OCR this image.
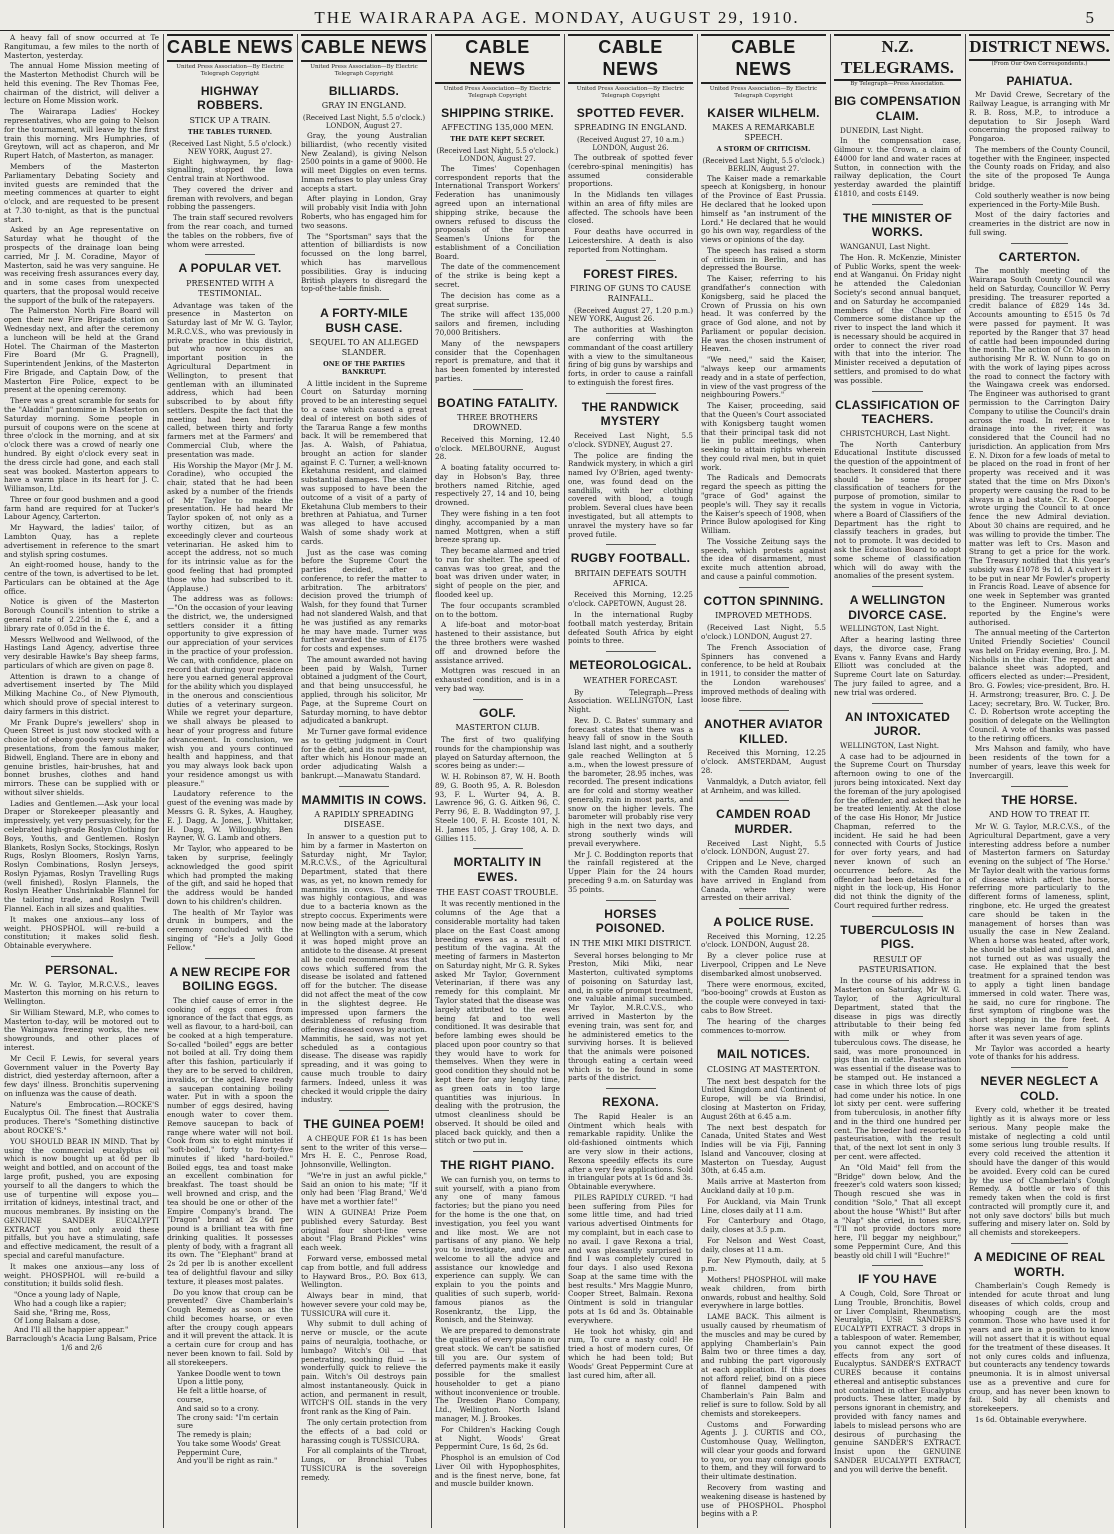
THE WAIRARAPA AGE. MONDAY, AUGUST 29, 1910.	5

A heavy fall of snow occurred at Te Rangitumau, a few miles to the north of Masterton, yesterday.

The annual Home Mission meeting of the Masterton Methodist Church will be held this evening. The Rev Thomas Fee, chairman of the district, will deliver a lecture on Home Mission work.

The Wairarapa Ladies' Hockey representatives, who are going to Nelson for the tournament, will leave by the first train this morning. Mrs Humphries, of Greytown, will act as chaperon, and Mr Rupert Hatch, of Masterton, as manager.

Members of the Masterton Parliamentary Debating Society and invited guests are reminded that the meeting commences at quarter to eight o'clock, and are requested to be present at 7.30 to-night, as that is the punctual start.

Asked by an Age representative on Saturday what he thought of the prospects of the drainage loan being carried, Mr J. M. Coradine, Mayor of Masterton, said he was very sanguine. He was receiving fresh assurances every day, and in some cases from unexpected quarters, that the proposal would receive the support of the bulk of the ratepayers.

The Palmerston North Fire Board will open their new Fire Brigade station on Wednesday next, and after the ceremony a luncheon will be held at the Grand Hotel. The Chairman of the Masterton Fire Board (Mr G. Pragnell), Superintendent Jenkins, of the Masterton Fire Brigade, and Captain Dow, of the Masterton Fire Police, expect to be present at the opening ceremony.

There was a great scramble for seats for the "Aladdin" pantomime in Masterton on Saturday morning. Some people in pursuit of coupons were on the scene at three o'clock in the morning, and at six o'clock there was a crowd of nearly one hundred. By eight o'clock every seat in the dress circle had gone, and each stall seat was booked. Masterton appears to have a warm place in its heart for J. C. Williamson, Ltd.

Three or four good bushmen and a good farm hand are required for at Tucker's Labour Agency, Carterton.

Mr Hayward, the ladies' tailor, of Lambton Quay, has a replete advertisement in reference to the smart and stylish spring costumes.

An eight-roomed house, handy to the centre of the town, is advertised to be let. Particulars can be obtained at the Age office.

Notice is given of the Masterton Borough Council's intention to strike a general rate of 2.25d in the £, and a library rate of 0.05d in the £.

Messrs Wellwood and Wellwood, of the Hastings Land Agency, advertise three very desirable Hawke's Bay sheep farms, particulars of which are given on page 8.

Attention is drawn to a change of advertisement inserted by The Mild Milking Machine Co., of New Plymouth, which should prove of special interest to dairy farmers in this district.

Mr Frank Dupre's jewellers' shop in Queen Street is just now stocked with a choice lot of ebony goods very suitable for presentations, from the famous maker, Bidwell, England. There are in ebony and genuine bristles, hair-brushes, hat and bonnet brushes, clothes and hand mirrors. These can be supplied with or without silver shields.

Ladies and Gentlemen.—Ask your local Draper or Storekeeper pleasantly and impressively, yet very persuasively, for the celebrated high-grade Roslyn Clothing for Boys, Youths, and Gentlemen. Roslyn Blankets, Roslyn Socks, Stockings, Roslyn Rugs, Roslyn Bloomers, Roslyn Yarns, Roslyn Combinations, Roslyn Jerseys, Roslyn Pyjamas, Roslyn Travelling Rugs (well finished), Roslyn Flannels, the Roslyn Heather Unshrinkable Flannel for the tailoring trade, and Roslyn Twill Flannel. Each in all sizes and qualities.

It makes one anxious—any loss of weight. PHOSPHOL will re-build a constitution; it makes solid flesh. Obtainable everywhere.

PERSONAL.

Mr. W. G. Taylor, M.R.C.V.S., leaves Masterton this morning on his return to Wellington.

Sir William Steward, M.P., who comes to Masterton to-day, will be motored out to the Waingawa freezing works, the new showgrounds, and other places of interest.

Mr Cecil F. Lewis, for several years Government valuer in the Poverty Bay district, died yesterday afternoon, after a few days' illness. Bronchitis supervening on influenza was the cause of death.

Nature's Embrocation.—ROCKE'S Eucalyptus Oil. The finest that Australia produces. There's "Something distinctive about ROCKE'S."

YOU SHOULD BEAR IN MIND. That by using the commercial eucalyptus oil which is now bought up at 6d per lb weight and bottled, and on account of the large profit, pushed, you are exposing yourself to all the dangers to which the use of turpentine will expose you—irritation of kidneys, intestinal tract, and mucous membranes. By insisting on the GENUINE SANDER EUCALYPTI EXTRACT you not only avoid these pitfalls, but you have a stimulating, safe and effective medicament, the result of a special and careful manufacture.

It makes one anxious—any loss of weight. PHOSPHOL will re-build a constitution; it builds solid flesh.

"Once a young lady of Naple,

Who had a cough like a rapier;

Said she, "Bring me, Ross,

Of Long Balsam a dose,

And I'll all the happier appear."

Barraclough's Acacia Lung Balsam, Price 1/6 and 2/6

CABLE NEWS
United Press Association—By Electric Telegraph Copyright
HIGHWAY ROBBERS.
STICK UP A TRAIN.
THE TABLES TURNED.
(Received Last Night, 5.5 o'clock.) NEW YORK, August 27.

Eight highwaymen, by flag-signalling, stopped the Iowa Central train at Northwood.

They covered the driver and fireman with revolvers, and began robbing the passengers.

The train staff secured revolvers from the rear coach, and turned the tables on the robbers, five of whom were arrested.

A POPULAR VET.
PRESENTED WITH A TESTIMONIAL.

Advantage was taken of the presence in Masterton on Saturday last of Mr W. G. Taylor, M.R.C.V.S., who was previously in private practice in this district, but who now occupies an important position in the Agricultural Department in Wellington, to present that gentleman with an illuminated address, which had been subscribed to by about fifty settlers. Despite the fact that the meeting had been hurriedly called, between thirty and forty farmers met at the Farmers' and Commercial Club, where the presentation was made.

His Worship the Mayor (Mr J. M. Coradine), who occupied the chair, stated that he had been asked by a number of the friends of Mr Taylor to make the presentation. He had heard Mr Taylor spoken of, not only as a worthy citizen, but as an exceedingly clever and courteous veterinarian. He asked him to accept the address, not so much for its intrinsic value as for the good feeling that had prompted those who had subscribed to it. (Applause.)

The address was as follows:—"On the occasion of your leaving the district, we, the undersigned settlers consider it a fitting opportunity to give expression of our appreciation of your services in the practice of your profession. We can, with confidence, place on record that during your residence here you earned general approval for the ability which you displayed in the onerous and conscientious duties of a veterinary surgeon. While we regret your departure, we shall always be pleased to hear of your progress and future advancement. In conclusion, we wish you and yours continued health and happiness, and that you may always look back upon your residence amongst us with pleasure."

Laudatory reference to the guest of the evening was made by Messrs G. R. Sykes, A. Haughey, E. J. Dagg, A. Jones, J. Whittaker, H. Dagg, W. Willoughby, Ben Rayner, W. G. Lamb and others.

Mr Taylor, who appeared to be taken by surprise, feelingly acknowledged the good spirit which had prompted the making of the gift, and said he hoped that the address would be handed down to his children's children.

The health of Mr Taylor was drunk in bumpers, and the ceremony concluded with the singing of "He's a Jolly Good Fellow."

A NEW RECIPE FOR BOILING EGGS.

The chief cause of error in the cooking of eggs comes from ignorance of the fact that eggs, as well as flavour, to a hard-boil, can be cooked at a high temperature. So-called "boiled" eggs are better not boiled at all. Try doing them after this fashion, particularly if they are to be served to children, invalids, or the aged. Have ready a saucepan containing boiling water. Put in with a spoon the number of eggs desired, having enough water to cover them. Remove saucepan to back of range where water will not boil. Cook from six to eight minutes if "soft-boiled," forty to forty-five minutes if liked "hard-boiled." Boiled eggs, tea and toast make an excellent combination for breakfast. The toast should be well browned and crisp, and the tea should be one or other of the Empire Company's brand. The "Dragon" brand at 2s 6d per pound is a brilliant tea with fine drinking qualities. It possesses plenty of body, with a fragrant all its own. The "Elephant" brand at 2s 2d per lb is another excellent tea of delightful flavour and silky texture, it pleases most palates.

Do you know that croup can be prevented? Give Chamberlain's Cough Remedy as soon as the child becomes hoarse, or even after the croupy cough appears and it will prevent the attack. It is a certain cure for croup and has never been known to fail. Sold by all storekeepers.

Yankee Doodle went to town

Upon a little pony,

He felt a little hoarse, of course,

And said so to a crony.

The crony said: "I'm certain sure

The remedy is plain;

You take some Woods' Great Peppermint Cure,

And you'll be right as rain."

CABLE NEWS
United Press Association—By Electric Telegraph Copyright
BILLIARDS.
GRAY IN ENGLAND.
(Received Last Night, 5.5 o'clock.) LONDON, August 27.

Gray, the young Australian billiardist, (who recently visited New Zealand), is giving Nelson 2500 points in a game of 9000. He will meet Diggles on even terms. Inman refuses to play unless Gray accepts a start.

After playing in London, Gray will probably visit India with John Roberts, who has engaged him for two seasons.

The "Sportsman" says that the attention of billiardists is now focussed on the long barrel, which has marvellous possibilities. Gray is inducing British players to disregard the top-of-the-table finish.

A FORTY-MILE BUSH CASE.
SEQUEL TO AN ALLEGED SLANDER.
ONE OF THE PARTIES BANKRUPT.

A little incident in the Supreme Court on Saturday morning proved to be an interesting sequel to a case which caused a great deal of interest on both sides of the Tararua Range a few months back. It will be remembered that Jas. A. Walsh, of Pahiatua, brought an action for slander against F. C. Turner, a well-known Eketahuna resident, and claimed substantial damages. The slander was supposed to have been the outcome of a visit of a party of Eketahuna Club members to their brethren at Pahiatua, and Turner was alleged to have accused Walsh of some shady work at cards.

Just as the case was coming before the Supreme Court the parties decided, after a conference, to refer the matter to arbitration. The arbitrators' decision proved the triumph of Walsh, for they found that Turner had not slandered Walsh, and that he was justified as any remarks he may have made. Turner was further awarded the sum of £175 for costs and expenses.

The amount awarded not having been paid by Walsh, Turner obtained a judgment of the Court, and that being unsuccessful, he applied, through his solicitor, Mr Page, at the Supreme Court on Saturday morning, to have debtor adjudicated a bankrupt.

Mr Turner gave formal evidence as to getting judgment in Court for the debt, and its non-payment, after which his Honour made an order adjudicating Walsh a bankrupt.—Manawatu Standard.

MAMMITIS IN COWS.
A RAPIDLY SPREADING DISEASE.

In answer to a question put to him by a farmer in Masterton on Saturday night, Mr Taylor, M.R.C.V.S., of the Agricultural Department, stated that there was, as yet, no known remedy for mammitis in cows. The disease was highly contagious, and was due to a bacteria known as the strepto coccus. Experiments were now being made at the laboratory at Wellington with a serum, which it was hoped might prove an antidote to the disease. At present all he could recommend was that cows which suffered from the disease be isolated and fattened off for the butcher. The disease did not affect the meat of the cow in the slightest degree. He impressed upon farmers the desirableness of refusing from offering diseased cows by auction. Mammitis, he said, was not yet scheduled as a contagious disease. The disease was rapidly spreading, and it was going to cause much trouble to dairy farmers. Indeed, unless it was checked it would cripple the dairy industry.

THE GUINEA POEM!

A CHEQUE FOR £1 1s has been sent to the writer of this verse—Mrs H. E. C., Penrose Road, Johnsonville, Wellington.

"We're in just an awful pickle," Said an onion to his mate; "If it only had been 'Flag Brand,' We'd have met a worthier fate!"

WIN A GUINEA! Prize Poem published every Saturday. Best original four short-line verse about "Flag Brand Pickles" wins each week.

Forward verse, embossed metal cap from bottle, and full address to Hayward Bros., P.O. Box 613, Wellington.

Always bear in mind, that however severe your cold may be, TUSSICURA will cure it.

Why submit to dull aching of nerve or muscle, or the acute pains of neuralgia, toothache, or lumbago? Witch's Oil — that penetrating, soothing fluid — is wonderfully quick to relieve the pain. Witch's Oil destroys pain almost instantaneously. Quick in action, and permanent in result, WITCH'S OIL stands in the very front rank as the King of Pain.

The only certain protection from the effects of a bad cold or harassing cough is TUSSICURA.

For all complaints of the Throat, Lungs, or Bronchial Tubes TUSSICURA is the sovereign remedy.

CABLE NEWS
United Press Association—By Electric Telegraph Copyright
SHIPPING STRIKE.
AFFECTING 135,000 MEN.
THE DATE KEPT SECRET.
(Received Last Night, 5.5 o'clock.) LONDON, August 27.

The Times' Copenhagen correspondent reports that the International Transport Workers' Federation has unanimously agreed upon an international shipping strike, because the owners refused to discuss the proposals of the European Seamen's Unions for the establishment of a Conciliation Board.

The date of the commencement of the strike is being kept a secret.

The decision has come as a great surprise.

The strike will affect 135,000 sailors and firemen, including 70,000 Britishers.

Many of the newspapers consider that the Copenhagen report is premature, and that it has been fomented by interested parties.

BOATING FATALITY.
THREE BROTHERS DROWNED.

Received this Morning, 12.40 o'clock. MELBOURNE, August 28.

A boating fatality occurred to-day in Hobson's Bay, three brothers named Ritchie, aged respectively 27, 14 and 10, being drowned.

They were fishing in a ten foot dinghy, accompanied by a man named Mottgren, when a stiff breeze sprang up.

They became alarmed and tried to run for shelter. The speed of canvas was too great, and the boat was driven under water, in sight of people on the pier, and flooded keel up.

The four occupants scrambled on to the bottom.

A life-boat and motor-boat hastened to their assistance, but the three brothers were washed off and drowned before the assistance arrived.

Mottgren was rescued in an exhausted condition, and is in a very bad way.

GOLF.
MASTERTON CLUB.

The first of two qualifying rounds for the championship was played on Saturday afternoon, the scores being as under:—

W. H. Robinson 87, W. H. Booth 89, G. Booth 95, A. R. Bolesdon 93, F. L. Wurter 94, A. B. Lawrence 96, G. G. Aitken 96, C. Perry 96, E. B. Waddington 97, J. Steele 100, F. H. Ecoste 101, N. H. James 105, J. Gray 108, A. D. Gillies 115.

MORTALITY IN EWES.
THE EAST COAST TROUBLE.

It was recently mentioned in the columns of the Age that a considerable mortality had taken place on the East Coast among breeding ewes as a result of pestitum of the vagina. At the meeting of farmers in Masterton on Saturday night, Mr G. R. Sykes asked Mr Taylor, Government Veterinarian, if there was any remedy for this complaint. Mr Taylor stated that the disease was largely attributed to the ewes being fat and too well conditioned. It was desirable that before lambing ewes should be placed upon poor country so that they would have to work for themselves. When they were in good condition they should not be kept there for any lengthy time, as green oats in too large quantities was injurious. In dealing with the protrusion, the utmost cleanliness should be observed. It should be oiled and placed back quickly, and then a stitch or two put in.

THE RIGHT PIANO.

We can furnish you, on terms to suit yourself, with a piano from any one of many famous factories; but the piano you need for the home is the one that, on investigation, you feel you want and like most. We are not partisans of any piano. We help you to investigate, and you are welcome to all the advice and assistance our knowledge and experience can supply. We can explain to you the points and qualities of such superb, world-famous pianos as the Rosenkrantz, the Lipp, the Ronisch, and the Steinway.

We are prepared to demonstrate the qualities of every piano in our great stock. We can't be satisfied till you are. Our system of deferred payments make it easily possible for the smallest householder to get a piano without inconvenience or trouble. The Dresden Piano Company, Ltd., Wellington. North Island manager, M. J. Brookes.

For Children's Hacking Cough at Night, Woods' Great Peppermint Cure, 1s 6d, 2s 6d.

Phosphol is an emulsion of Cod Liver Oil with Hypophosphites, and is the finest nerve, bone, fat and muscle builder known.

CABLE NEWS
United Press Association—By Electric Telegraph Copyright
SPOTTED FEVER.
SPREADING IN ENGLAND.
(Received August 27, 10 a.m.) LONDON, August 26.

The outbreak of spotted fever (cerebro-spinal meningitis) has assumed considerable proportions.

In the Midlands ten villages within an area of fifty miles are affected. The schools have been closed.

Four deaths have occurred in Leicestershire. A death is also reported from Nottingham.

FOREST FIRES.
FIRING OF GUNS TO CAUSE RAINFALL.

(Received August 27, 1.20 p.m.) NEW YORK, August 26.

The authorities at Washington are conferring with the commandant of the coast artillery with a view to the simultaneous firing of big guns by warships and forts, in order to cause a rainfall to extinguish the forest fires.

THE RANDWICK MYSTERY

Received Last Night, 5.5 o'clock. SYDNEY, August 27.

The police are finding the Randwick mystery, in which a girl named Ivy O'Brien, aged twenty-one, was found dead on the sandhills, with her clothing covered with blood, a tough problem. Several clues have been investigated, but all attempts to unravel the mystery have so far proved futile.

RUGBY FOOTBALL.
BRITAIN DEFEATS SOUTH AFRICA.

Received this Morning, 12.25 o'clock. CAPETOWN, August 28.

In the international Rugby football match yesterday, Britain defeated South Africa by eight points to three.

METEOROLOGICAL.
WEATHER FORECAST.

By Telegraph—Press Association. WELLINGTON, Last Night.

Rev. D. C. Bates' summary and forecast states that there was a heavy fall of snow in the South Island last night, and a southerly gale reached Wellington at 5 a.m., when the lowest pressure of the barometer, 28.95 inches, was recorded. The present indications are for cold and stormy weather generally, rain in most parts, and snow on the higher levels. The barometer will probably rise very high in the next two days, and strong southerly winds will prevail everywhere.

Mr J. C. Boddington reports that the rainfall registered at the Upper Plain for the 24 hours preceding 9 a.m. on Saturday was 35 points.

HORSES POISONED.
IN THE MIKI MIKI DISTRICT.

Several horses belonging to Mr Preston, Miki Miki, near Masterton, cultivated symptoms of poisoning on Saturday last, and, in spite of prompt treatment, one valuable animal succumbed. Mr Taylor, M.R.C.V.S., who arrived in Masterton by the evening train, was sent for, and he administered emetics to the surviving horses. It is believed that the animals were poisoned through eating a certain weed which is to be found in some parts of the district.

REXONA.

The Rapid Healer is an Ointment which heals with remarkable rapidity. Unlike the old-fashioned ointments which are very slow in their actions, Rexona speedily effects its cure after a very few applications. Sold in triangular pots at 1s 6d and 3s. Obtainable everywhere.

PILES RAPIDLY CURED. "I had been suffering from Piles for some little time, and had tried various advertised Ointments for my complaint, but in each case to no avail. I gave Rexona a trial, and was pleasantly surprised to find I was completely cured in four days. I also used Rexona Soap at the same time with the best results." Mrs Maggie Munro, Cooper Street, Balmain. Rexona Ointment is sold in triangular pots at 1s 6d and 3s. Obtainable everywhere.

He took hot whisky, gin and rum, To cure a nasty cold! He tried a host of modern cures, Of which he had been told; But Woods' Great Peppermint Cure at last cured him, after all.

CABLE NEWS
United Press Association—By Electric Telegraph Copyright
KAISER WILHELM.
MAKES A REMARKABLE SPEECH.
A STORM OF CRITICISM.
(Received Last Night, 5.5 o'clock.) BERLIN, August 27.

The Kaiser made a remarkable speech at Konigsberg, in honour of the Province of East Prussia. He declared that he looked upon himself as "an instrument of the Lord." He declared that he would go his own way, regardless of the views or opinions of the day.

The speech has raised a storm of criticism in Berlin, and has depressed the Bourse.

The Kaiser, referring to his grandfather's connection with Konigsberg, said he placed the Crown of Prussia on his own head. It was conferred by the grace of God alone, and not by Parliament or popular decision. He was the chosen instrument of Heaven.

"We need," said the Kaiser, "always keep our armaments ready and in a state of perfection, in view of the vast progress of the neighbouring Powers."

The Kaiser, proceeding, said that the Queen's Court associated with Konigsberg taught women that their principal task did not lie in public meetings, when seeking to attain rights wherein they could rival men, but in quiet work.

The Radicals and Democrats regard the speech as pitting the "grace of God" against the people's will. They say it recalls the Kaiser's speech of 1908, when Prince Bulow apologised for King William.

The Vossiche Zeitung says the speech, which protests against the idea of disarmament, must excite much attention abroad, and cause a painful commotion.

COTTON SPINNING.
IMPROVED METHODS.

(Received Last Night, 5.5 o'clock.) LONDON, August 27.

The French Association of Spinners has convened a conference, to be held at Roubaix in 1911, to consider the matter of the London warehouses' improved methods of dealing with loose fibre.

ANOTHER AVIATOR KILLED.

Received this Morning, 12.25 o'clock. AMSTERDAM, August 28.

Vanmaldyk, a Dutch aviator, fell at Arnheim, and was killed.

CAMDEN ROAD MURDER.

Received Last Night, 5.5 o'clock. LONDON, August 27.

Crippen and Le Neve, charged with the Camden Road murder, have arrived in England from Canada, where they were arrested on their arrival.

A POLICE RUSE.

Received this Morning, 12.25 o'clock. LONDON, August 28.

By a clever police ruse at Liverpool, Crippen and Le Neve disembarked almost unobserved.

There were enormous, excited, "boo-booing" crowds at Euston as the couple were conveyed in taxi-cabs to Bow Street.

The hearing of the charges commences to-morrow.

MAIL NOTICES.
CLOSING AT MASTERTON.

The next best despatch for the United Kingdom and Continent of Europe, will be via Brindisi, closing at Masterton on Friday, August 26th at 6.45 a.m.

The next best despatch for Canada, United States and West Indies will be via Fiji, Fanning Island and Vancouver, closing at Masterton on Tuesday, August 30th, at 6.45 a.m.

Mails arrive at Masterton from Auckland daily at 10 p.m.

For Auckland, via Main Trunk Line, closes daily at 11 a.m.

For Canterbury and Otago, daily, closes at 3.5 p.m.

For Nelson and West Coast, daily, closes at 11 a.m.

For New Plymouth, daily, at 5 p.m.

Mothers! PHOSPHOL will make weak children, from birth onwards, robust and healthy. Sold everywhere in large bottles.

LAME BACK. This ailment is usually caused by rheumatism of the muscles and may be cured by applying Chamberlain's Pain Balm two or three times a day, and rubbing the part vigorously at each application. If this does not afford relief, bind on a piece of flannel dampened with Chamberlain's Pain Balm and relief is sure to follow. Sold by all chemists and storekeepers.

Customs and Forwarding Agents J. J. CURTIS and CO., Customhouse Quay, Wellington, will clear your goods and forward to you, or you may consign goods to them, and they will forward to their ultimate destination.

Recovery from wasting and weakening disease is hastened by use of PHOSPHOL. Phosphol begins with a P.

N.Z. TELEGRAMS.
By Telegraph—Press Association.
BIG COMPENSATION CLAIM.

DUNEDIN, Last Night.

In the compensation case, Gilmour v. the Crown, a claim of £4000 for land and water races at Sutton, in connection with the railway deplication, the Court yesterday awarded the plaintiff £1810, and costs £149.

THE MINISTER OF WORKS.

WANGANUI, Last Night.

The Hon. R. McKenzie, Minister of Public Works, spent the week-end at Wanganui. On Friday night he attended the Caledonian Society's second annual banquet, and on Saturday he accompanied members of the Chamber of Commerce some distance up the river to inspect the land which it is necessary should be acquired in order to connect the river road with that into the interior. The Minister received a deputation of settlers, and promised to do what was possible.

CLASSIFICATION OF TEACHERS.

CHRISTCHURCH, Last Night.

The North Canterbury Educational Institute discussed the question of the appointment of teachers. It considered that there should be some proper classification of teachers for the purpose of promotion, similar to the system in vogue in Victoria, where a Board of Classifiers of the Department has the right to classify teachers in grades, but not to promote. It was decided to ask the Education Board to adopt some scheme of classification which will do away with the anomalies of the present system.

A WELLINGTON DIVORCE CASE.

WELLINGTON, Last Night.

After a hearing lasting three days, the divorce case, Frang Evans v. Fanny Evans and Hardy Elliott was concluded at the Supreme Court late on Saturday. The jury failed to agree, and a new trial was ordered.

AN INTOXICATED JUROR.

WELLINGTON, Last Night.

A case had to be adjourned in the Supreme Court on Thursday afternoon owing to one of the jurors being intoxicated. Next day the foreman of the jury apologised for the offender, and asked that he be treated leniently. At the close of the case His Honor, Mr Justice Chapman, referred to the incident. He said he had been connected with Courts of Justice for over forty years, and had never known of such an occurrence before. As the offender had been detained for a night in the lock-up, His Honor did not think the dignity of the Court required further redress.

TUBERCULOSIS IN PIGS.
RESULT OF PASTEURISATION.

In the course of his address in Masterton on Saturday, Mr W. G. Taylor, of the Agricultural Department, stated that the disease in pigs was directly attributable to their being fed with milk or whey from tuberculous cows. The disease, he said, was more pronounced in pigs than in cattle. Pasteurisation was essential if the disease was to be stamped out. He instanced a case in which three lots of pigs had come under his notice. In one lot sixty per cent. were suffering from tuberculosis, in another fifty and in the third one hundred per cent. The breeder had resorted to pasteurisation, with the result that, of the next lot sent in only 3 per cent. were affected.

An "Old Maid" fell from the "Bridge" down below, And the freezer's cold waters soon kissed; Though rescued she was in condition "Solo," That all except about the house "Whist!" But after a "Nap" she cried, in tones sure, "I'll not provide doctors more here, I'll beggar my neighbour," some Peppermint Cure, And this beastly old chill I will "Euchre!"

IF YOU HAVE

A Cough, Cold, Sore Throat or Lung Trouble, Bronchitis, Bowel or Liver Complaint, Rheumatism, Neuralgia, USE SANDERS'S EUCALYPTI EXTRACT. 3 drops in a tablespoon of water. Remember, you cannot expect the good effects from any sort of Eucalyptus. SANDER'S EXTRACT CURES because it contains ethereal and antiseptic substances not contained in other Eucalyptus products. These latter, made by persons ignorant in chemistry, and provided with fancy names and labels to mislead persons who are desirous of purchasing the genuine SANDER'S EXTRACT. Insist upon the GENUINE SANDER EUCALYPTI EXTRACT, and you will derive the benefit.

DISTRICT NEWS.
(From Our Own Correspondents.)
PAHIATUA.

Mr David Crewe, Secretary of the Railway League, is arranging with Mr R. B. Ross, M.P., to introduce a deputation to Sir Joseph Ward concerning the proposed railway to Pongaroa.

The members of the County Council, together with the Engineer, inspected the County roads on Friday, and also the site of the proposed Te Aunga bridge.

Cold southerly weather is now being experienced in the Forty-Mile Bush.

Most of the dairy factories and creameries in the district are now in full swing.

CARTERTON.

The monthly meeting of the Wairarapa South County Council was held on Saturday, Councillor W. Perry presiding. The treasurer reported a credit balance of £829 14s 3d. Accounts amounting to £515 0s 7d were passed for payment. It was reported by the Ranger that 37 head of cattle had been impounded during the month. The action of Cr. Mason in authorising Mr R. W. Nunn to go on with the work of laying pipes across the road to connect the factory with the Waingawa creek was endorsed. The Engineer was authorised to grant permission to the Carrington Dairy Company to utilise the Council's drain across the road. In reference to drainage into the river, it was considered that the Council had no jurisdiction. An application from Mrs E. N. Dixon for a few loads of metal to be placed on the road in front of her property was received and it was stated that the time on Mrs Dixon's property were causing the road to be always in a bad state. Cr. R. Cooper wrote urging the Council to at once fence the new Admiral deviation. About 30 chains are required, and he was willing to provide the timber. The matter was left to Crs. Mason and Strang to get a price for the work. The Treasury notified that this year's subsidy was £1078 9s 1d. A culvert is to be put in near Mr Fowler's property in Francis Road. Leave of absence for one week in September was granted to the Engineer. Numerous works reported by the Engine's were authorised.

The annual meeting of the Carterton United Friendly Societies' Council was held on Friday evening, Bro. J. M. Nicholls in the chair. The report and balance sheet was adopted, and officers elected as under:—President, Bro. G. Fowles; vice-president, Bro. H. H. Armstrong; treasurer, Bro. C. J. De Lacey; secretary, Bro. W. Tucker, Bro. C. D. Robertson wrote accepting the position of delegate on the Wellington Council. A vote of thanks was passed to the retiring officers.

Mrs Mahson and family, who have been residents of the town for a number of years, leave this week for Invercargill.

THE HORSE.
AND HOW TO TREAT IT.

Mr W. G. Taylor, M.R.C.V.S., of the Agricultural Department, gave a very interesting address before a number of Masterton farmers on Saturday evening on the subject of 'The Horse.' Mr Taylor dealt with the various forms of disease which affect the horse, referring more particularly to the different forms of lameness, splint, ringbone, etc. He urged the greatest care should be taken in the management of horses than was usually the case in New Zealand. When a horse was heated, after work, he should be stabled and rugged, and not turned out as was usually the case. He explained that the best treatment for a sprained tendon was to apply a tight linen bandage immersed in cold water. There was, he said, no cure for ringbone. The first symptom of ringbone was the short stepping in the fore feet. A horse was never lame from splints after it was seven years of age.

Mr Taylor was accorded a hearty vote of thanks for his address.

NEVER NEGLECT A COLD.

Every cold, whether it be treated lightly as it is always more or less serious. Many people make the mistake of neglecting a cold until some serious lung trouble results. If every cold received the attention it should have the danger of this would be avoided. Every cold can be cured by the use of Chamberlain's Cough Remedy. A bottle or two of this remedy taken when the cold is first contracted will promptly cure it, and not only save doctors' bills but much suffering and misery later on. Sold by all chemists and storekeepers.

A MEDICINE OF REAL WORTH.

Chamberlain's Cough Remedy is intended for acute throat and lung diseases of which colds, croup and whooping cough are the most common. Those who have used it for years and are in a position to know will not assert that it is without equal for the treatment of these diseases. It not only cures colds and influenza, but counteracts any tendency towards pneumonia. It is in almost universal use as a preventive and cure for croup, and has never been known to fail. Sold by all chemists and storekeepers.

1s 6d. Obtainable everywhere.
